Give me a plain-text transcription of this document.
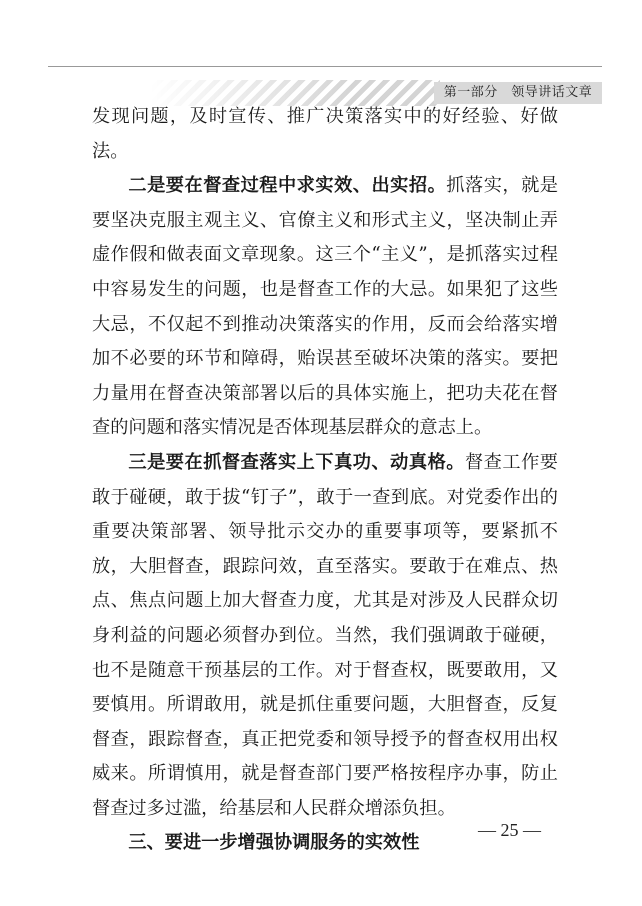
第一部分　领导讲话文章

发现问题，及时宣传、推广决策落实中的好经验、好做法。

二是要在督查过程中求实效、出实招。抓落实，就是要坚决克服主观主义、官僚主义和形式主义，坚决制止弄虚作假和做表面文章现象。这三个“主义”，是抓落实过程中容易发生的问题，也是督查工作的大忌。如果犯了这些大忌，不仅起不到推动决策落实的作用，反而会给落实增加不必要的环节和障碍，贻误甚至破坏决策的落实。要把力量用在督查决策部署以后的具体实施上，把功夫花在督查的问题和落实情况是否体现基层群众的意志上。

三是要在抓督查落实上下真功、动真格。督查工作要敢于碰硬，敢于拔“钉子”，敢于一查到底。对党委作出的重要决策部署、领导批示交办的重要事项等，要紧抓不放，大胆督查，跟踪问效，直至落实。要敢于在难点、热点、焦点问题上加大督查力度，尤其是对涉及人民群众切身利益的问题必须督办到位。当然，我们强调敢于碰硬，也不是随意干预基层的工作。对于督查权，既要敢用，又要慎用。所谓敢用，就是抓住重要问题，大胆督查，反复督查，跟踪督查，真正把党委和领导授予的督查权用出权威来。所谓慎用，就是督查部门要严格按程序办事，防止督查过多过滥，给基层和人民群众增添负担。

三、要进一步增强协调服务的实效性

— 25 —
